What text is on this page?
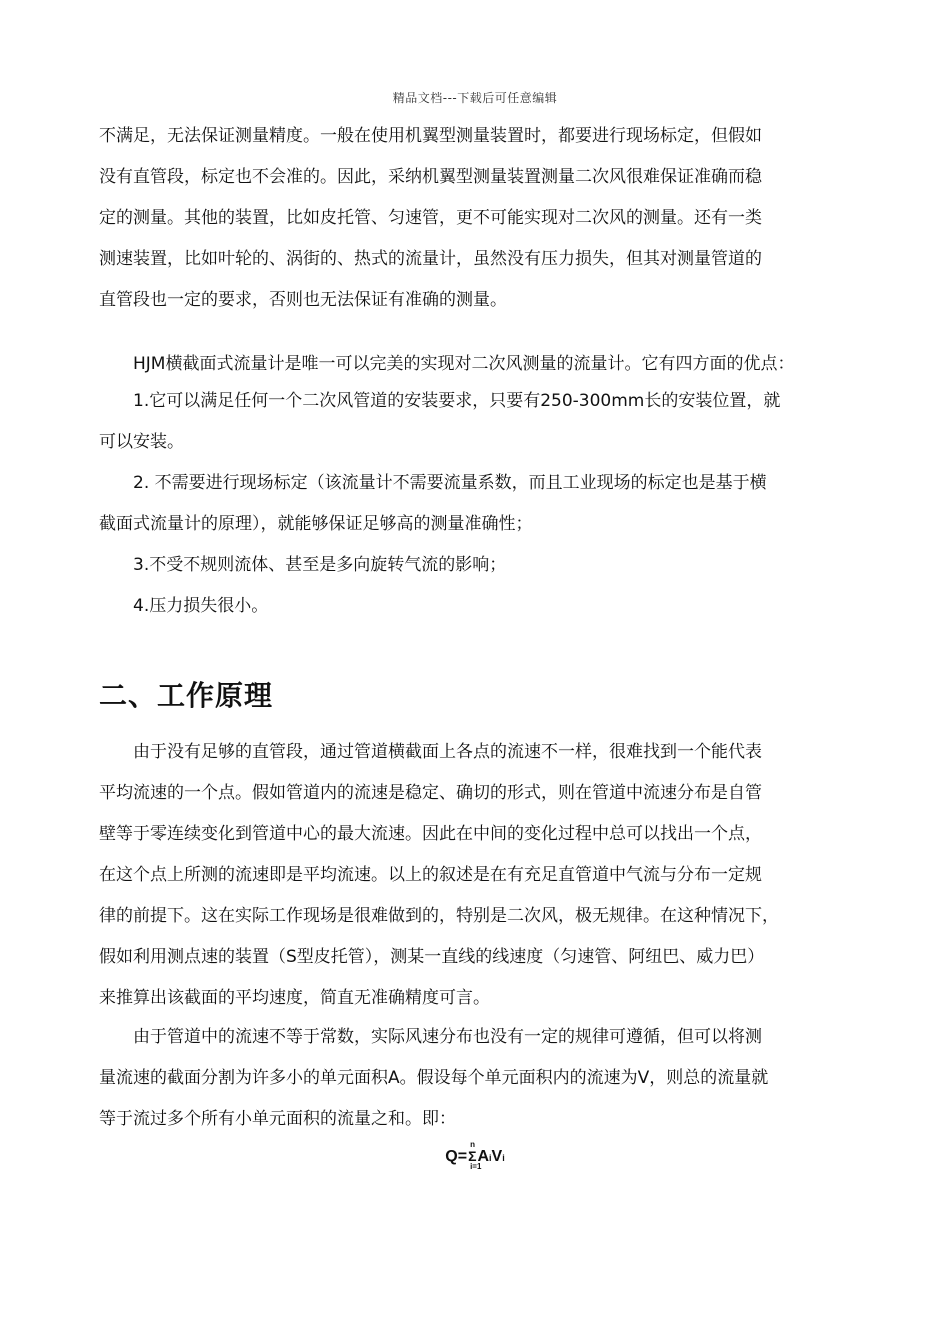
精品文档---下载后可任意编辑
不满足，无法保证测量精度。一般在使用机翼型测量装置时，都要进行现场标定，但假如
没有直管段，标定也不会准的。因此，采纳机翼型测量装置测量二次风很难保证准确而稳
定的测量。其他的装置，比如皮托管、匀速管，更不可能实现对二次风的测量。还有一类
测速装置，比如叶轮的、涡街的、热式的流量计，虽然没有压力损失，但其对测量管道的
直管段也一定的要求，否则也无法保证有准确的测量。
HJM横截面式流量计是唯一可以完美的实现对二次风测量的流量计。它有四方面的优点：
1.它可以满足任何一个二次风管道的安装要求，只要有250-300mm长的安装位置，就
可以安装。
2. 不需要进行现场标定（该流量计不需要流量系数，而且工业现场的标定也是基于横
截面式流量计的原理），就能够保证足够高的测量准确性；
3.不受不规则流体、甚至是多向旋转气流的影响；
4.压力损失很小。
二、工作原理
由于没有足够的直管段，通过管道横截面上各点的流速不一样，很难找到一个能代表
平均流速的一个点。假如管道内的流速是稳定、确切的形式，则在管道中流速分布是自管
壁等于零连续变化到管道中心的最大流速。因此在中间的变化过程中总可以找出一个点，
在这个点上所测的流速即是平均流速。以上的叙述是在有充足直管道中气流与分布一定规
律的前提下。这在实际工作现场是很难做到的，特别是二次风，极无规律。在这种情况下，
假如利用测点速的装置（S型皮托管），测某一直线的线速度（匀速管、阿纽巴、威力巴）
来推算出该截面的平均速度，简直无准确精度可言。
由于管道中的流速不等于常数，实际风速分布也没有一定的规律可遵循，但可以将测
量流速的截面分割为许多小的单元面积A。假设每个单元面积内的流速为V，则总的流量就
等于流过多个所有小单元面积的流量之和。即：
Q=Σ
n
i=1
AiVi
